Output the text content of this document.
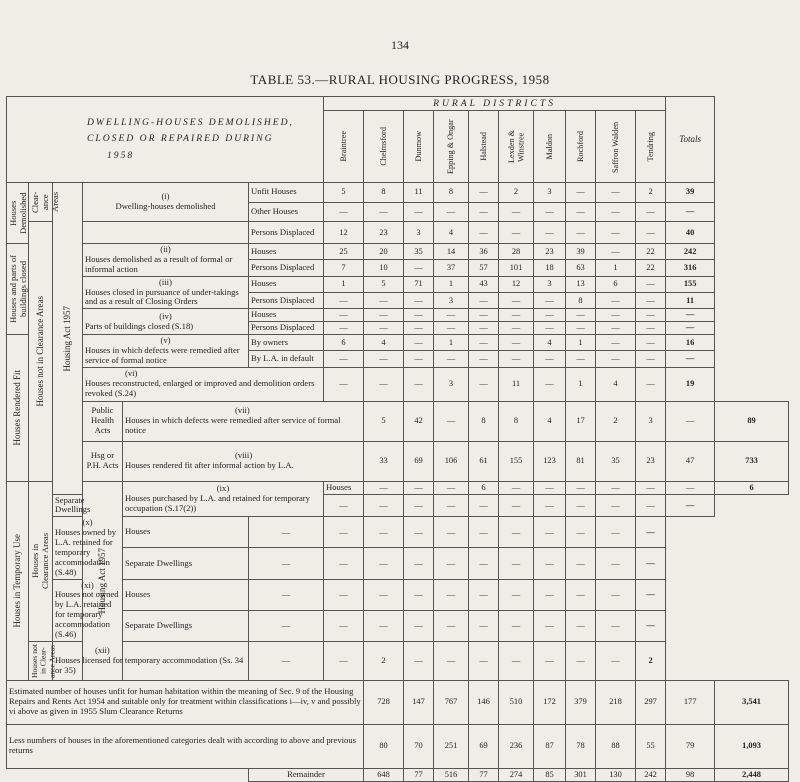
134
TABLE 53.—RURAL HOUSING PROGRESS, 1958
DWELLING-HOUSES DEMOLISHED,
CLOSED OR REPAIRED DURING
1958						RURAL DISTRICTS										Totals	

						Braintree	Chelmsford	Dunmow	Epping & Ongar	Halstead	Lexden & Winstree	Maldon	Rochford	Saffron Walden	Tendring		

Houses Demolished	Clear-ance Areas	Housing Act 1957	(i)
Dwelling-houses demolished		Unfit Houses	5	8	11	8	—	2	3	—	—	2	39	
					Other Houses	—	—	—	—	—	—	—	—	—	—	—	

	Houses not in Clearance Areas				Persons Displaced	12	23	3	4	—	—	—	—	—	—	40	

Houses and parts of buildings closed			(ii)
Houses demolished as a result of formal or informal action		Houses	25	20	35	14	36	28	23	39	—	22	242	
					Persons Displaced	7	10	—	37	57	101	18	63	1	22	316	

			(iii)
Houses closed in pursuance of under-takings and as a result of Closing Orders		Houses	1	5	71	1	43	12	3	13	6	—	155	
					Persons Displaced	—	—	—	3	—	—	—	8	—	—	11	

			(iv)
Parts of buildings closed (S.18)		Houses	—	—	—	—	—	—	—	—	—	—	—	
					Persons Displaced	—	—	—	—	—	—	—	—	—	—	—	

Houses Rendered Fit			(v)
Houses in which defects were remedied after service of formal notice		By owners	6	4	—	1	—	—	4	1	—	—	16	
					By L.A. in default	—	—	—	—	—	—	—	—	—	—	—	

			(vi)
Houses reconstructed, enlarged or improved and demolition orders revoked (S.24)			—	—	—	3	—	11	—	1	4	—	19	
			Public Health Acts	(vii)
Houses in which defects were remedied after service of formal notice			5	42	—	8	8	4	17	2	3	—	89
			Hsg or P.H. Acts	(viii)
Houses rendered fit after informal action by L.A.			33	69	106	61	155	123	81	35	23	47	733

Houses in Temporary Use	Houses in Clearance Areas		Housing Act 1957	(ix)
Houses purchased by L.A. and retained for temporary occupation (S.17(2))		Houses	—	—	—	6	—	—	—	—	—	—	6
		Separate Dwellings				—	—	—	—	—	—	—	—	—	—	—	

		(x)
Houses owned by L.A. retained for temporary accommodation (S.48)		Houses	—	—	—	—	—	—	—	—	—	—	—		
				Separate Dwellings	—	—	—	—	—	—	—	—	—	—	—		

		(xi)
Houses not owned by L.A. retained for temporary accommodation (S.46)		Houses	—	—	—	—	—	—	—	—	—	—	—		
				Separate Dwellings	—	—	—	—	—	—	—	—	—	—	—		

	Houses not in Clear-ance Areas	(xii)
Houses licensed for temporary accommodation (Ss. 34 or 35)			—	—	2	—	—	—	—	—	—	—	2		
Estimated number of houses unfit for human habitation within the meaning of Sec. 9 of the Housing Repairs and Rents Act 1954 and suitable only for treatment within classifications i—iv, v and possibly vi above as given in 1955 Slum Clearance Returns							728	147	767	146	510	172	379	218	297	177	3,541
Less numbers of houses in the aforementioned categories dealt with according to above and previous returns							80	70	251	69	236	87	78	88	55	79	1,093
					Remainder		648	77	516	77	274	85	301	130	242	98	2,448
